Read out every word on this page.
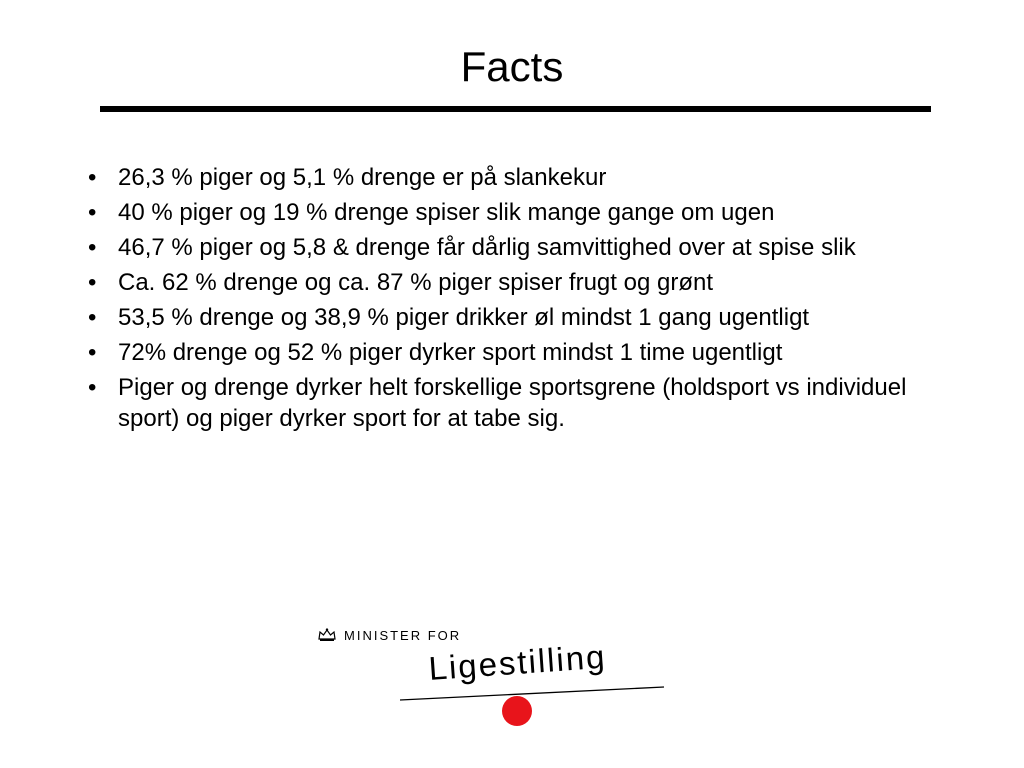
Facts
• 26,3 % piger og 5,1 % drenge er på slankekur
• 40 % piger og 19 % drenge spiser slik mange gange om ugen
• 46,7 % piger og 5,8 & drenge får dårlig samvittighed over at spise slik
• Ca. 62 % drenge og ca. 87 % piger spiser frugt og grønt
• 53,5 % drenge og 38,9 % piger drikker øl mindst 1 gang ugentligt
• 72% drenge og 52 % piger dyrker sport mindst 1 time ugentligt
• Piger og drenge dyrker helt forskellige sportsgrene (holdsport vs individuel sport) og piger dyrker sport for at tabe sig.
MINISTER FOR
Ligestilling
